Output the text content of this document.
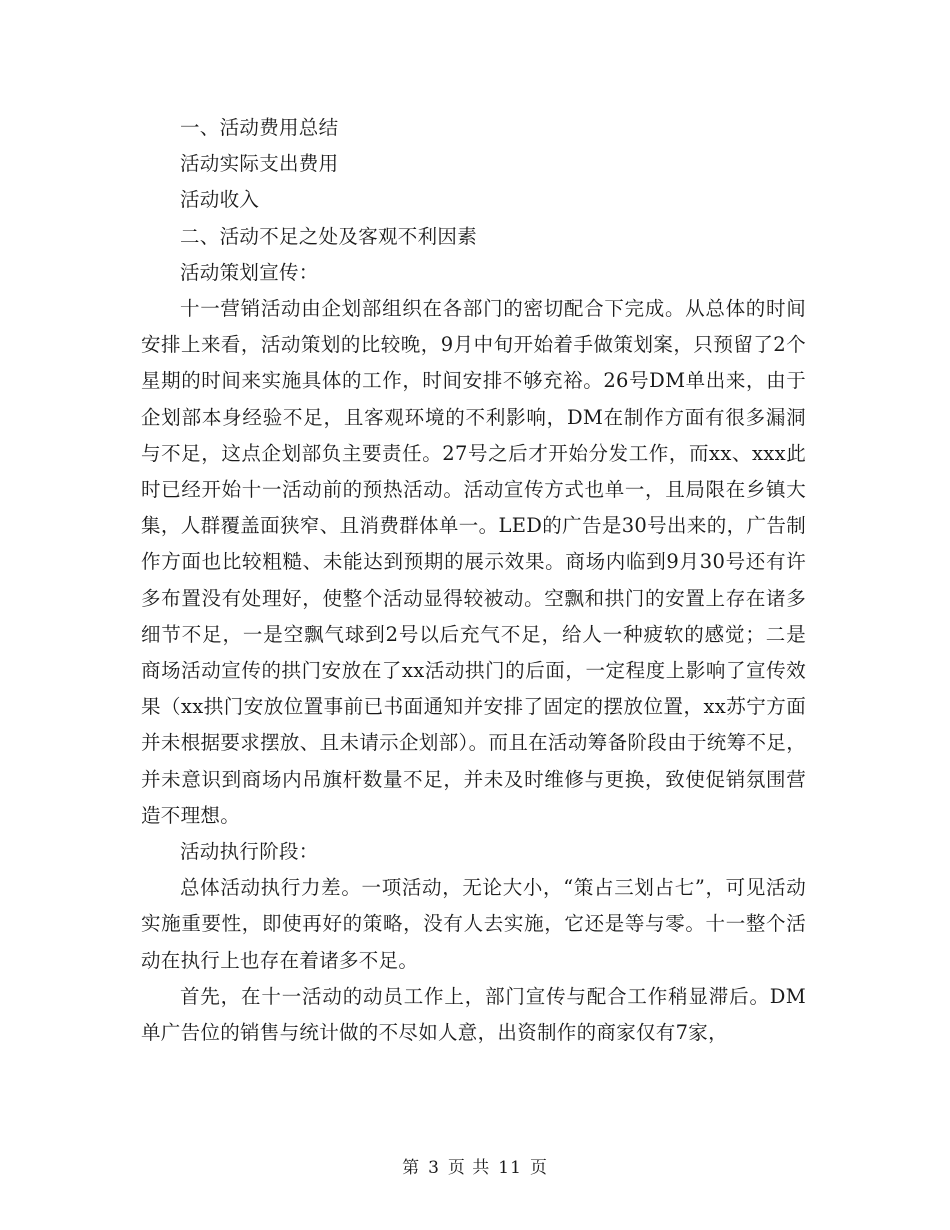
一、活动费用总结

活动实际支出费用

活动收入

二、活动不足之处及客观不利因素

活动策划宣传：

十一营销活动由企划部组织在各部门的密切配合下完成。从总体的时间安排上来看，活动策划的比较晚，9月中旬开始着手做策划案，只预留了2个星期的时间来实施具体的工作，时间安排不够充裕。26号DM单出来，由于企划部本身经验不足，且客观环境的不利影响，DM在制作方面有很多漏洞与不足，这点企划部负主要责任。27号之后才开始分发工作，而xx、xxx此时已经开始十一活动前的预热活动。活动宣传方式也单一，且局限在乡镇大集，人群覆盖面狭窄、且消费群体单一。LED的广告是30号出来的，广告制作方面也比较粗糙、未能达到预期的展示效果。商场内临到9月30号还有许多布置没有处理好，使整个活动显得较被动。空飘和拱门的安置上存在诸多细节不足，一是空飘气球到2号以后充气不足，给人一种疲软的感觉；二是商场活动宣传的拱门安放在了xx活动拱门的后面，一定程度上影响了宣传效果（xx拱门安放位置事前已书面通知并安排了固定的摆放位置，xx苏宁方面并未根据要求摆放、且未请示企划部）。而且在活动筹备阶段由于统筹不足，并未意识到商场内吊旗杆数量不足，并未及时维修与更换，致使促销氛围营造不理想。

活动执行阶段：

总体活动执行力差。一项活动，无论大小，“策占三划占七”，可见活动实施重要性，即使再好的策略，没有人去实施，它还是等与零。十一整个活动在执行上也存在着诸多不足。

首先，在十一活动的动员工作上，部门宣传与配合工作稍显滞后。DM单广告位的销售与统计做的不尽如人意，出资制作的商家仅有7家，

第 3 页 共 11 页
